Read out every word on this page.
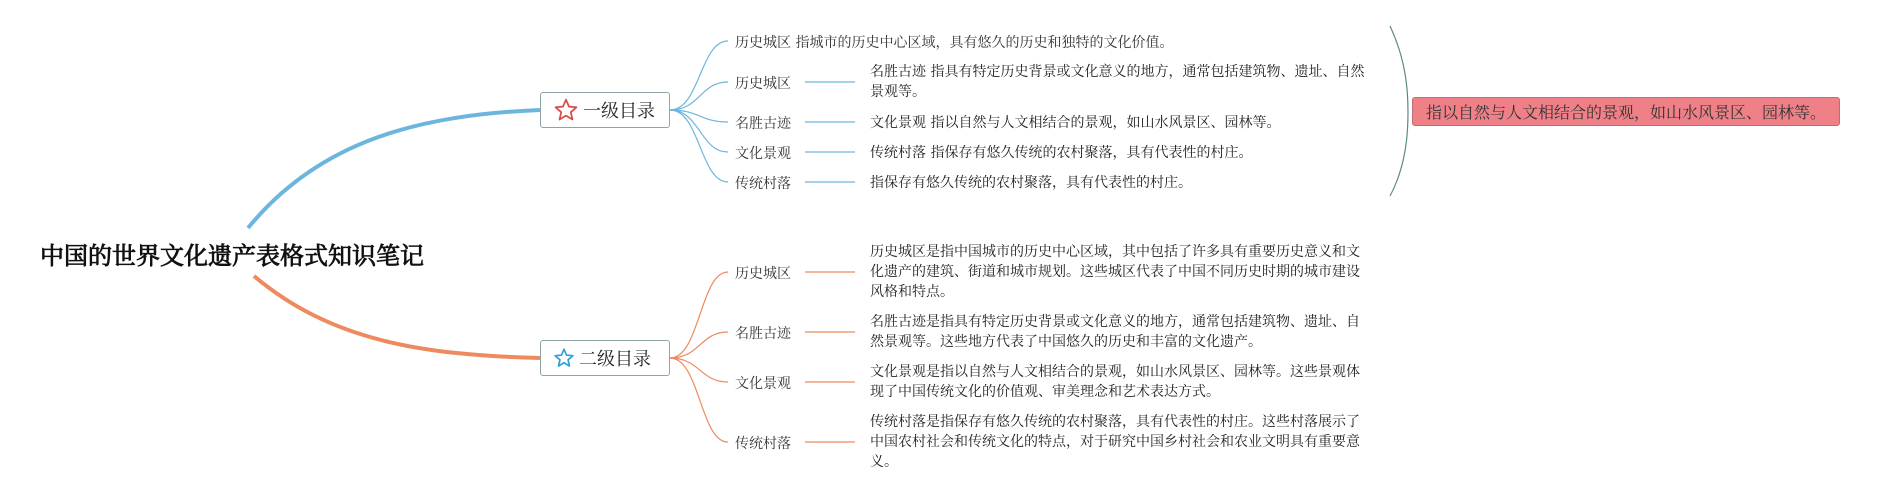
中国的世界文化遗产表格式知识笔记
一级目录
历史城区 指城市的历史中心区域，具有悠久的历史和独特的文化价值。
历史城区
名胜古迹
文化景观
传统村落
名胜古迹 指具有特定历史背景或文化意义的地方，通常包括建筑物、遗址、自然景观等。
文化景观 指以自然与人文相结合的景观，如山水风景区、园林等。
传统村落 指保存有悠久传统的农村聚落，具有代表性的村庄。
指保存有悠久传统的农村聚落，具有代表性的村庄。
指以自然与人文相结合的景观，如山水风景区、园林等。
二级目录
历史城区
名胜古迹
文化景观
传统村落
历史城区是指中国城市的历史中心区域，其中包括了许多具有重要历史意义和文化遗产的建筑、街道和城市规划。这些城区代表了中国不同历史时期的城市建设风格和特点。
名胜古迹是指具有特定历史背景或文化意义的地方，通常包括建筑物、遗址、自然景观等。这些地方代表了中国悠久的历史和丰富的文化遗产。
文化景观是指以自然与人文相结合的景观，如山水风景区、园林等。这些景观体现了中国传统文化的价值观、审美理念和艺术表达方式。
传统村落是指保存有悠久传统的农村聚落，具有代表性的村庄。这些村落展示了中国农村社会和传统文化的特点，对于研究中国乡村社会和农业文明具有重要意义。
